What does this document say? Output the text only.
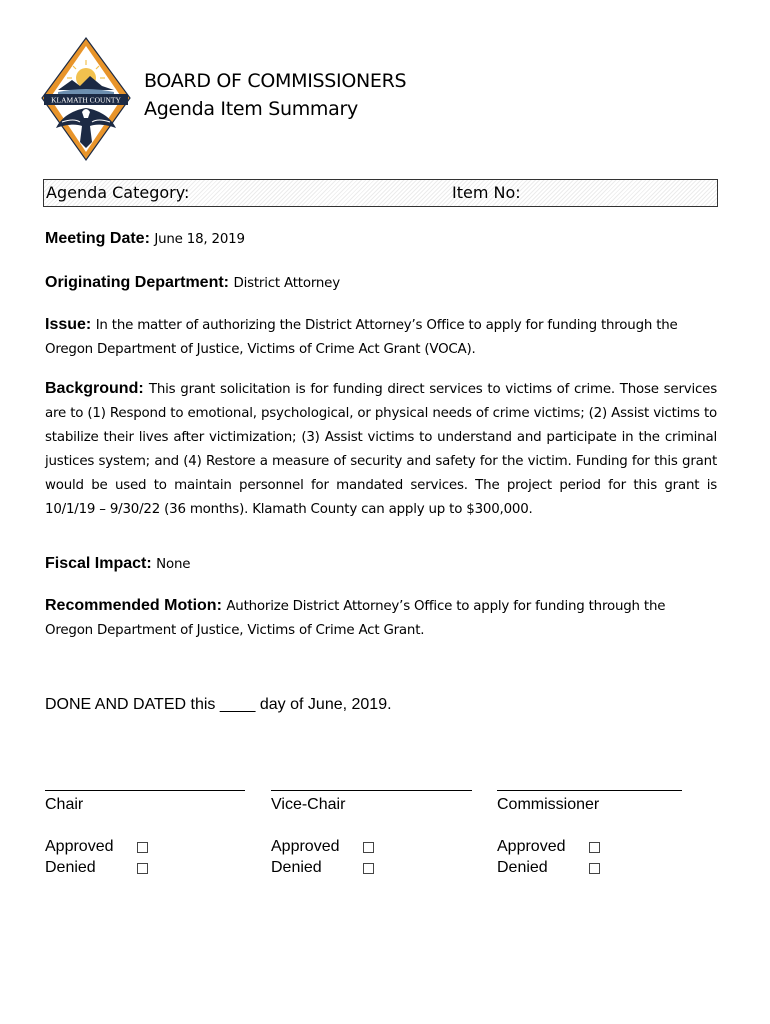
KLAMATH COUNTY
BOARD OF COMMISSIONERS
Agenda Item Summary
Agenda Category:	Item No:
Meeting Date: June 18, 2019
Originating Department: District Attorney
Issue: In the matter of authorizing the District Attorney’s Office to apply for funding through the Oregon Department of Justice, Victims of Crime Act Grant (VOCA).
Background: This grant solicitation is for funding direct services to victims of crime. Those services are to (1) Respond to emotional, psychological, or physical needs of crime victims; (2) Assist victims to stabilize their lives after victimization; (3) Assist victims to understand and participate in the criminal justices system; and (4) Restore a measure of security and safety for the victim. Funding for this grant would be used to maintain personnel for mandated services. The project period for this grant is 10/1/19 – 9/30/22 (36 months). Klamath County can apply up to $300,000.
Fiscal Impact: None
Recommended Motion: Authorize District Attorney’s Office to apply for funding through the Oregon Department of Justice, Victims of Crime Act Grant.
DONE AND DATED this ____ day of June, 2019.
Chair
Approved
Denied
Vice-Chair
Approved
Denied
Commissioner
Approved
Denied
